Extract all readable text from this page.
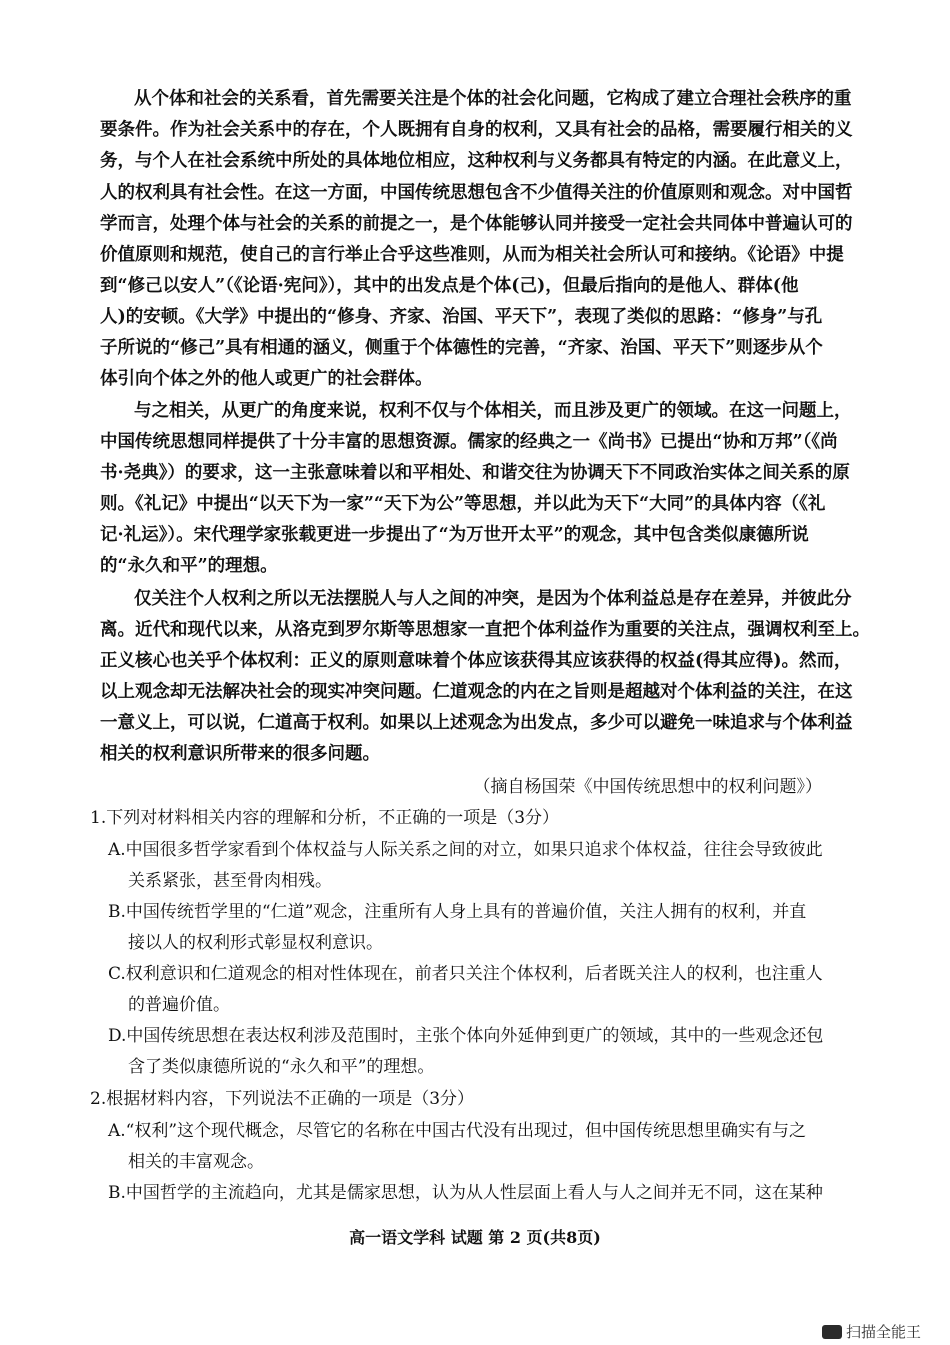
从个体和社会的关系看，首先需要关注是个体的社会化问题，它构成了建立合理社会秩序的重
要条件。作为社会关系中的存在，个人既拥有自身的权利，又具有社会的品格，需要履行相关的义
务，与个人在社会系统中所处的具体地位相应，这种权利与义务都具有特定的内涵。在此意义上，
人的权利具有社会性。在这一方面，中国传统思想包含不少值得关注的价值原则和观念。对中国哲
学而言，处理个体与社会的关系的前提之一，是个体能够认同并接受一定社会共同体中普遍认可的
价值原则和规范，使自己的言行举止合乎这些准则，从而为相关社会所认可和接纳。《论语》中提
到“修己以安人”（《论语·宪问》），其中的出发点是个体(己)，但最后指向的是他人、群体(他
人)的安顿。《大学》中提出的“修身、齐家、治国、平天下”，表现了类似的思路：“修身”与孔
子所说的“修己”具有相通的涵义，侧重于个体德性的完善，“齐家、治国、平天下”则逐步从个
体引向个体之外的他人或更广的社会群体。
与之相关，从更广的角度来说，权利不仅与个体相关，而且涉及更广的领域。在这一问题上，
中国传统思想同样提供了十分丰富的思想资源。儒家的经典之一《尚书》已提出“协和万邦”（《尚
书·尧典》）的要求，这一主张意味着以和平相处、和谐交往为协调天下不同政治实体之间关系的原
则。《礼记》中提出“以天下为一家”“天下为公”等思想，并以此为天下“大同”的具体内容（《礼
记·礼运》）。宋代理学家张载更进一步提出了“为万世开太平”的观念，其中包含类似康德所说
的“永久和平”的理想。
仅关注个人权利之所以无法摆脱人与人之间的冲突，是因为个体利益总是存在差异，并彼此分
离。近代和现代以来，从洛克到罗尔斯等思想家一直把个体利益作为重要的关注点，强调权利至上。
正义核心也关乎个体权利：正义的原则意味着个体应该获得其应该获得的权益(得其应得)。然而，
以上观念却无法解决社会的现实冲突问题。仁道观念的内在之旨则是超越对个体利益的关注，在这
一意义上，可以说，仁道高于权利。如果以上述观念为出发点，多少可以避免一味追求与个体利益
相关的权利意识所带来的很多问题。
（摘自杨国荣《中国传统思想中的权利问题》）
1.下列对材料相关内容的理解和分析，不正确的一项是（3分）
A.中国很多哲学家看到个体权益与人际关系之间的对立，如果只追求个体权益，往往会导致彼此
关系紧张，甚至骨肉相残。
B.中国传统哲学里的“仁道”观念，注重所有人身上具有的普遍价值，关注人拥有的权利，并直
接以人的权利形式彰显权利意识。
C.权利意识和仁道观念的相对性体现在，前者只关注个体权利，后者既关注人的权利，也注重人
的普遍价值。
D.中国传统思想在表达权利涉及范围时，主张个体向外延伸到更广的领域，其中的一些观念还包
含了类似康德所说的“永久和平”的理想。
2.根据材料内容，下列说法不正确的一项是（3分）
A.“权利”这个现代概念，尽管它的名称在中国古代没有出现过，但中国传统思想里确实有与之
相关的丰富观念。
B.中国哲学的主流趋向，尤其是儒家思想，认为从人性层面上看人与人之间并无不同，这在某种
高一语文学科 试题 第 2 页(共8页)
扫描全能王
